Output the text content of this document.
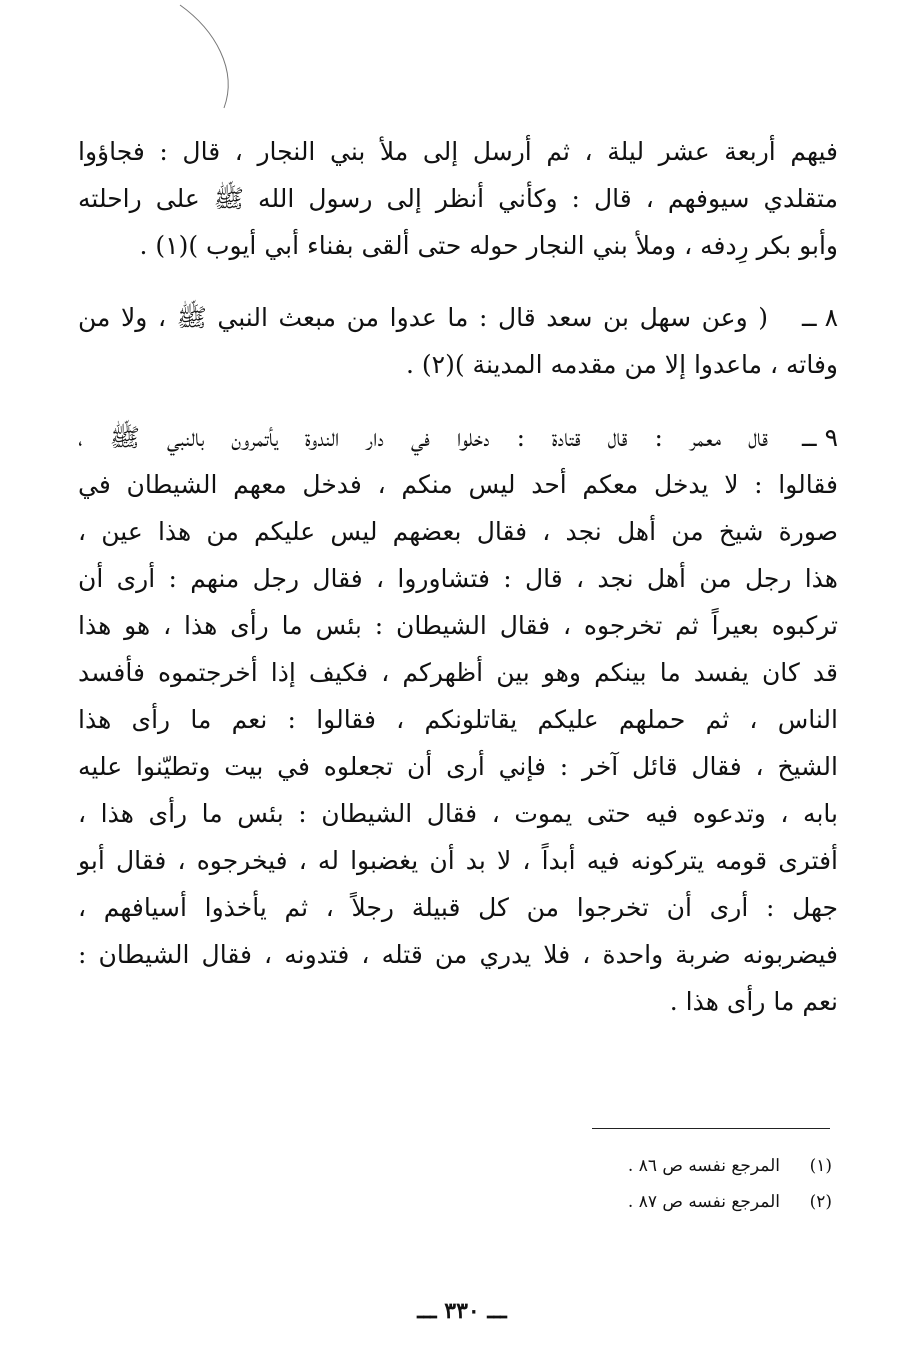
فيهم أربعة عشر ليلة ، ثم أرسل إلى ملأ بني النجار ، قال : فجاؤوا
متقلدي سيوفهم ، قال : وكأني أنظر إلى رسول الله ﷺ على راحلته
وأبو بكر رِدفه ، وملأ بني النجار حوله حتى ألقى بفناء أبي أيوب )(١) .
٨ ــ
( وعن سهل بن سعد قال : ما عدوا من مبعث النبي ﷺ ، ولا من
وفاته ، ماعدوا إلا من مقدمه المدينة )(٢) .
٩ ــ
قال معمر : قال قتادة : دخلوا في دار الندوة يأتمرون بالنبي ﷺ ،
فقالوا : لا يدخل معكم أحد ليس منكم ، فدخل معهم الشيطان في
صورة شيخ من أهل نجد ، فقال بعضهم ليس عليكم من هذا عين ،
هذا رجل من أهل نجد ، قال : فتشاوروا ، فقال رجل منهم : أرى أن
تركبوه بعيراً ثم تخرجوه ، فقال الشيطان : بئس ما رأى هذا ، هو هذا
قد كان يفسد ما بينكم وهو بين أظهركم ، فكيف إذا أخرجتموه فأفسد
الناس ، ثم حملهم عليكم يقاتلونكم ، فقالوا : نعم ما رأى هذا
الشيخ ، فقال قائل آخر : فإني أرى أن تجعلوه في بيت وتطيّنوا عليه
بابه ، وتدعوه فيه حتى يموت ، فقال الشيطان : بئس ما رأى هذا ،
أفترى قومه يتركونه فيه أبداً ، لا بد أن يغضبوا له ، فيخرجوه ، فقال أبو
جهل : أرى أن تخرجوا من كل قبيلة رجلاً ، ثم يأخذوا أسيافهم ،
فيضربونه ضربة واحدة ، فلا يدري من قتله ، فتدونه ، فقال الشيطان :
نعم ما رأى هذا .
(١)المرجع نفسه ص ٨٦ .
(٢)المرجع نفسه ص ٨٧ .
ـــ ٣٣٠ ـــ
